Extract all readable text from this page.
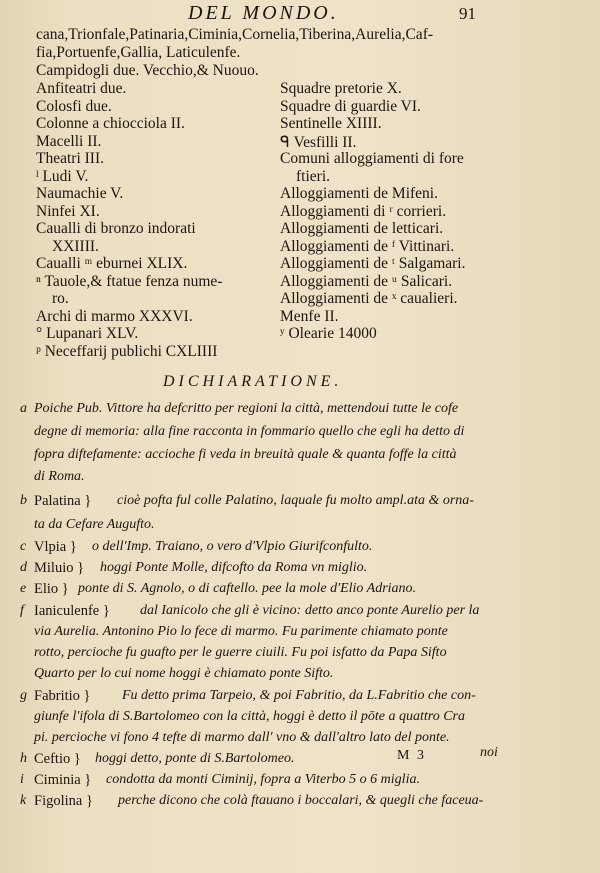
DEL MONDO.	91
cana,Trionfale,Patinaria,Ciminia,Cornelia,Tiberina,Aurelia,Caf-
fia,Portuenfe,Gallia, Laticulenfe.
Campidogli due. Vecchio,& Nuouo.
Anfiteatri due.
Colosfi due.
Colonne a chiocciola II.
Macelli II.
Theatri III.
ˡ Ludi V.
Naumachie V.
Ninfei XI.
Caualli di bronzo indorati
XXIIII.
Caualli ᵐ eburnei XLIX.
ⁿ Tauole,& ftatue fenza nume-
ro.
Archi di marmo XXXVI.
° Lupanari XLV.
ᵖ Neceffarij publichi CXLIIII
Squadre pretorie X.
Squadre di guardie VI.
Sentinelle XIIII.
ᑫ Vesfilli II.
Comuni alloggiamenti di fore
ftieri.
Alloggiamenti de Mifeni.
Alloggiamenti di ʳ corrieri.
Alloggiamenti de letticari.
Alloggiamenti de ᶠ Vittinari.
Alloggiamenti de ᵗ Salgamari.
Alloggiamenti de ᵘ Salicari.
Alloggiamenti de ˣ caualieri.
Menfe II.
ʸ Olearie 14000
DICHIARATIONE.
a Poiche Pub. Vittore ha defcritto per regioni la città, mettendoui tutte le cofe
degne di memoria: alla fine racconta in fommario quello che egli ha detto di
fopra diftefamente: accioche fi veda in breuità quale & quanta foffe la città
di Roma.
b Palatina } cioè pofta ful colle Palatino, laquale fu molto ampl.ata & orna-
ta da Cefare Augufto.
c Vlpia } o dell'Imp. Traiano, o vero d'Vlpio Giurifconfulto.
d Miluio } hoggi Ponte Molle, difcofto da Roma vn miglio.
e Elio } ponte di S. Agnolo, o di caftello. pee la mole d'Elio Adriano.
f Ianiculenfe } dal Ianicolo che gli è vicino: detto anco ponte Aurelio per la
via Aurelia. Antonino Pio lo fece di marmo. Fu parimente chiamato ponte
rotto, percioche fu guafto per le guerre ciuili. Fu poi isfatto da Papa Sifto
Quarto per lo cui nome hoggi è chiamato ponte Sifto.
g Fabritio } Fu detto prima Tarpeio, & poi Fabritio, da L.Fabritio che con-
giunfe l'ifola di S.Bartolomeo con la città, hoggi è detto il pōte a quattro Cra
pi. percioche vi fono 4 tefte di marmo dall' vno & dall'altro lato del ponte.
h Ceftio } hoggi detto, ponte di S.Bartolomeo.
i Ciminia } condotta da monti Ciminij, fopra a Viterbo 5 o 6 miglia.
k Figolina } perche dicono che colà ftauano i boccalari, & quegli che faceua-
M 3	noi
